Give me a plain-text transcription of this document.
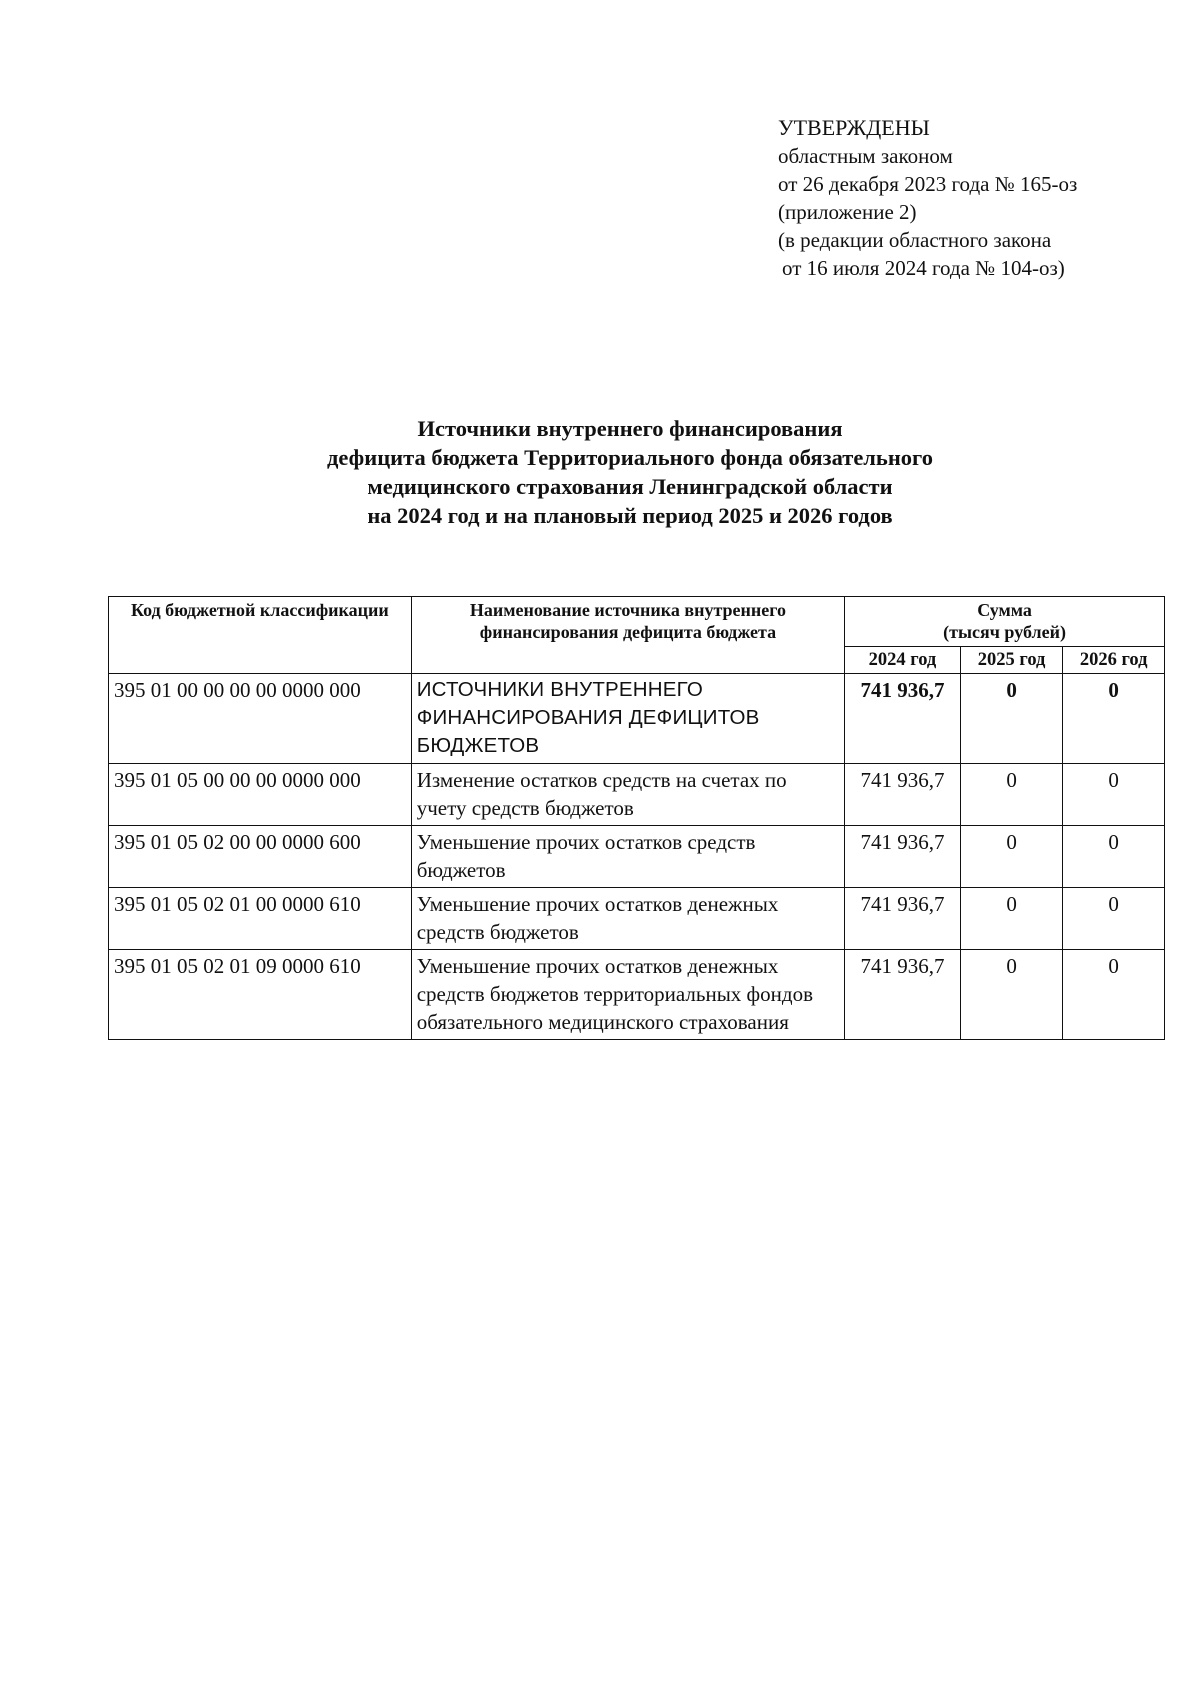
УТВЕРЖДЕНЫ
областным законом
от 26 декабря 2023 года № 165-оз
(приложение 2)
(в редакции областного закона
от 16 июля 2024 года № 104-оз)
Источники внутреннего финансирования
дефицита бюджета Территориального фонда обязательного
медицинского страхования Ленинградской области
на 2024 год и на плановый период 2025 и 2026 годов
Код бюджетной классификации	Наименование источника внутреннего финансирования дефицита бюджета	Сумма
(тысяч рублей)		

		2024 год	2025 год	2026 год
395 01 00 00 00 00 0000 000	ИСТОЧНИКИ ВНУТРЕННЕГО ФИНАНСИРОВАНИЯ ДЕФИЦИТОВ БЮДЖЕТОВ	741 936,7	0	0
395 01 05 00 00 00 0000 000	Изменение остатков средств на счетах по учету средств бюджетов	741 936,7	0	0
395 01 05 02 00 00 0000 600	Уменьшение прочих остатков средств бюджетов	741 936,7	0	0
395 01 05 02 01 00 0000 610	Уменьшение прочих остатков денежных средств бюджетов	741 936,7	0	0
395 01 05 02 01 09 0000 610	Уменьшение прочих остатков денежных средств бюджетов территориальных фондов обязательного медицинского страхования	741 936,7	0	0
